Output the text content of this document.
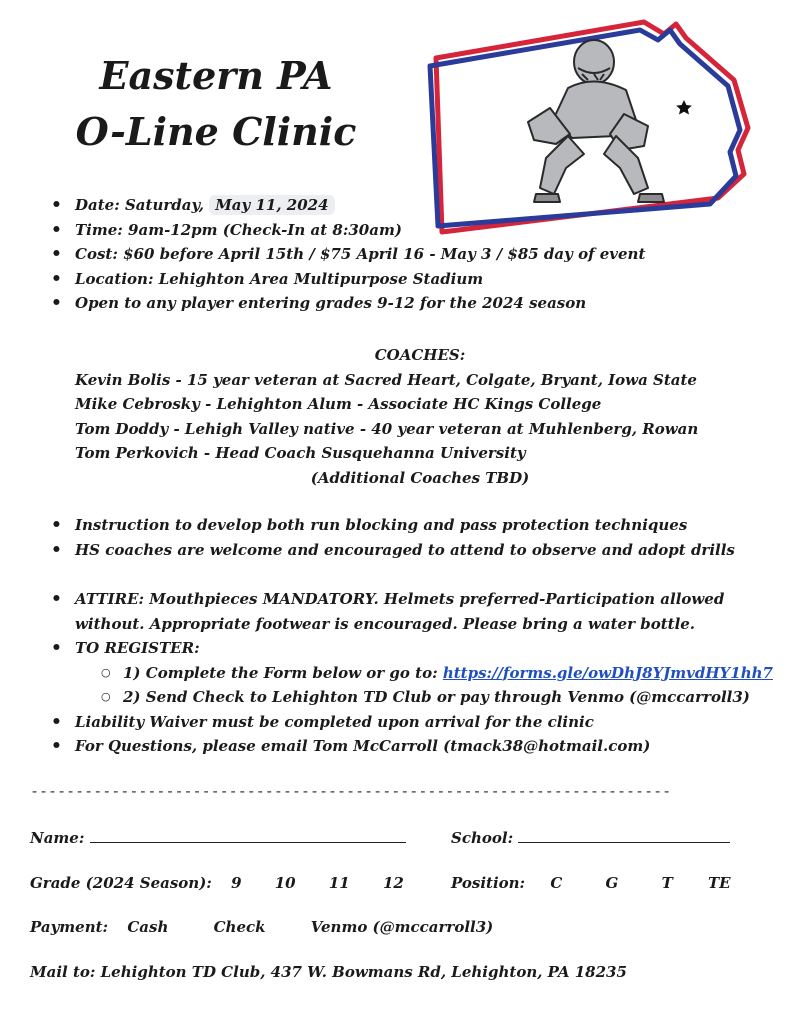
Eastern PA
O-Line Clinic
• Date: Saturday, May 11, 2024
• Time: 9am-12pm (Check-In at 8:30am)
• Cost: $60 before April 15th / $75 April 16 - May 3 / $85 day of event
• Location: Lehighton Area Multipurpose Stadium
• Open to any player entering grades 9-12 for the 2024 season
COACHES:
Kevin Bolis - 15 year veteran at Sacred Heart, Colgate, Bryant, Iowa State
Mike Cebrosky - Lehighton Alum - Associate HC Kings College
Tom Doddy - Lehigh Valley native - 40 year veteran at Muhlenberg, Rowan
Tom Perkovich - Head Coach Susquehanna University
(Additional Coaches TBD)
• Instruction to develop both run blocking and pass protection techniques
• HS coaches are welcome and encouraged to attend to observe and adopt drills
• ATTIRE: Mouthpieces MANDATORY. Helmets preferred-Participation allowed without. Appropriate footwear is encouraged. Please bring a water bottle.
• TO REGISTER:
○ 1) Complete the Form below or go to: https://forms.gle/owDhJ8YJmvdHY1hh7
○ 2) Send Check to Lehighton TD Club or pay through Venmo (@mccarroll3)
• Liability Waiver must be completed upon arrival for the clinic
• For Questions, please email Tom McCarroll (tmack38@hotmail.com)
-----------------------------------------------------------------------
Name:	School:
Grade (2024 Season): 9 10 11 12	Position: C	G	T TE
Payment: Cash	Check	Venmo (@mccarroll3)
Mail to: Lehighton TD Club, 437 W. Bowmans Rd, Lehighton, PA 18235
